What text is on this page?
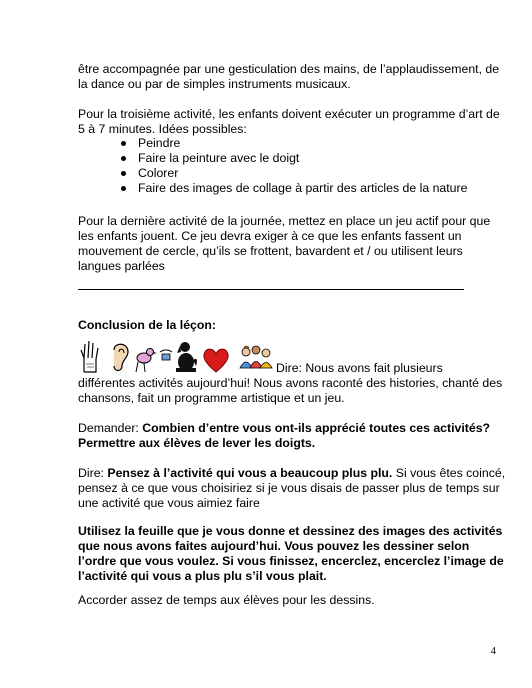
être accompagnée par une gesticulation des mains, de l’applaudissement, de la dance ou par de simples instruments musicaux.

Pour la troisième activité, les enfants doivent exécuter un programme d’art de 5 à 7 minutes. Idées possibles:

Peindre
Faire la peinture avec le doigt
Colorer
Faire des images de collage à partir des articles de la nature

Pour la dernière activité de la journée, mettez en place un jeu actif pour que les enfants jouent. Ce jeu devra exiger à ce que les enfants fassent un mouvement de cercle, qu’ils se frottent, bavardent et / ou utilisent leurs langues parlées

Conclusion de la léçon:

Dire: Nous avons fait plusieurs

différentes activités aujourd’hui! Nous avons raconté des histories, chanté des chansons, fait un programme artistique et un jeu.

Demander: Combien d’entre vous ont-ils apprécié toutes ces activités? Permettre aux élèves de lever les doigts.

Dire: Pensez à l’activité qui vous a beaucoup plus plu. Si vous êtes coincé, pensez à ce que vous choisiriez si je vous disais de passer plus de temps sur une activité que vous aimiez faire

Utilisez la feuille que je vous donne et dessinez des images des activités que nous avons faites aujourd’hui. Vous pouvez les dessiner selon l’ordre que vous voulez. Si vous finissez, encerclez, encerclez l’image de l’activité qui vous a plus plu s’il vous plait.

Accorder assez de temps aux élèves pour les dessins.

4
